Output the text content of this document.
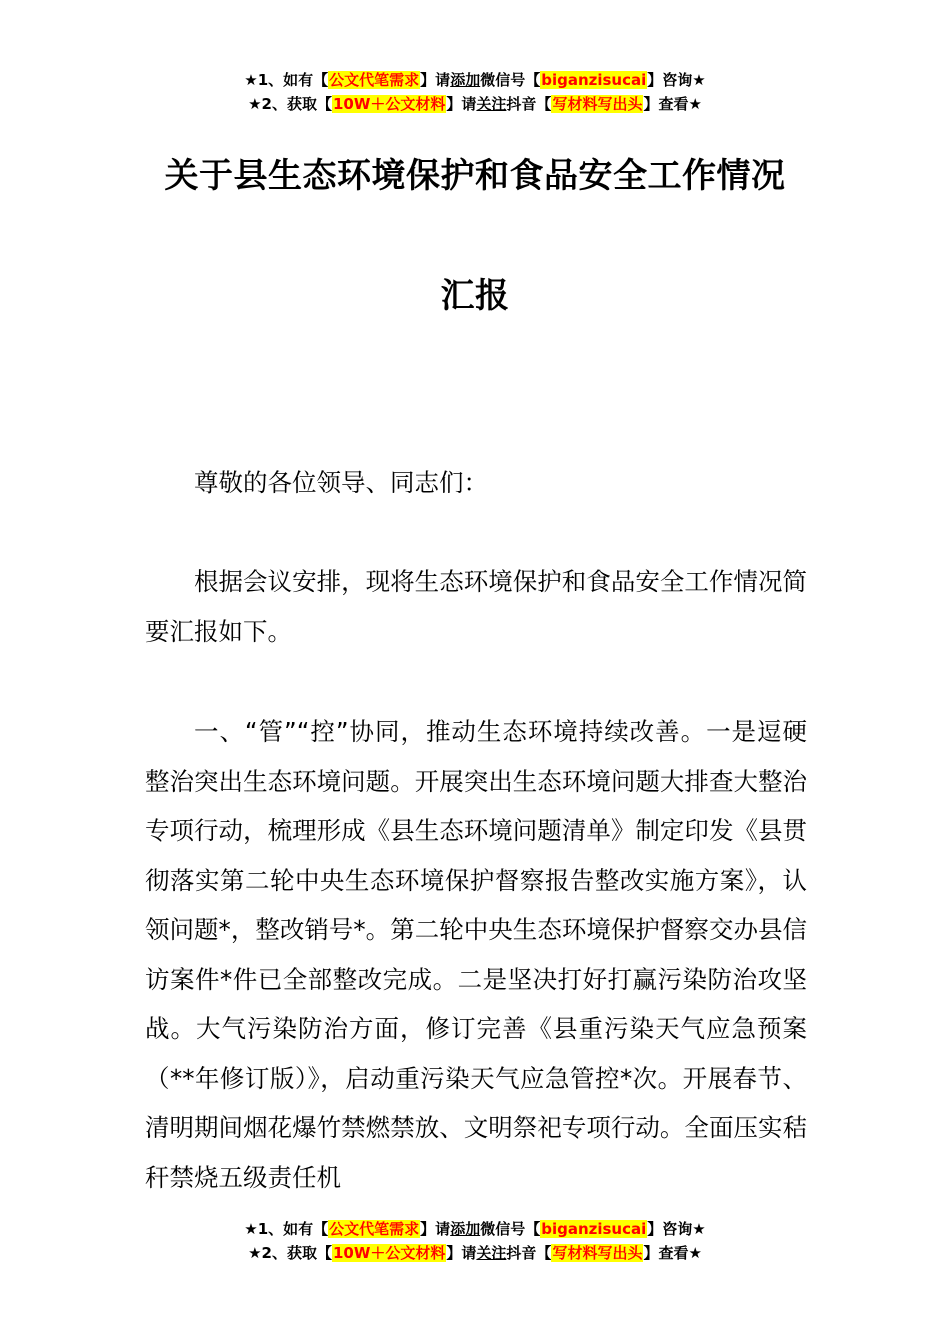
★1、如有【公文代笔需求】请添加微信号【biganzisucai】咨询★
★2、获取【10W＋公文材料】请关注抖音【写材料写出头】查看★
关于县生态环境保护和食品安全工作情况
汇报

尊敬的各位领导、同志们：

根据会议安排，现将生态环境保护和食品安全工作情况简要汇报如下。

一、“管”“控”协同，推动生态环境持续改善。一是逗硬整治突出生态环境问题。开展突出生态环境问题大排查大整治专项行动，梳理形成《县生态环境问题清单》制定印发《县贯彻落实第二轮中央生态环境保护督察报告整改实施方案》，认领问题*，整改销号*。第二轮中央生态环境保护督察交办县信访案件*件已全部整改完成。二是坚决打好打赢污染防治攻坚战。大气污染防治方面，修订完善《县重污染天气应急预案（**年修订版）》，启动重污染天气应急管控*次。开展春节、清明期间烟花爆竹禁燃禁放、文明祭祀专项行动。全面压实秸秆禁烧五级责任机

★1、如有【公文代笔需求】请添加微信号【biganzisucai】咨询★
★2、获取【10W＋公文材料】请关注抖音【写材料写出头】查看★
